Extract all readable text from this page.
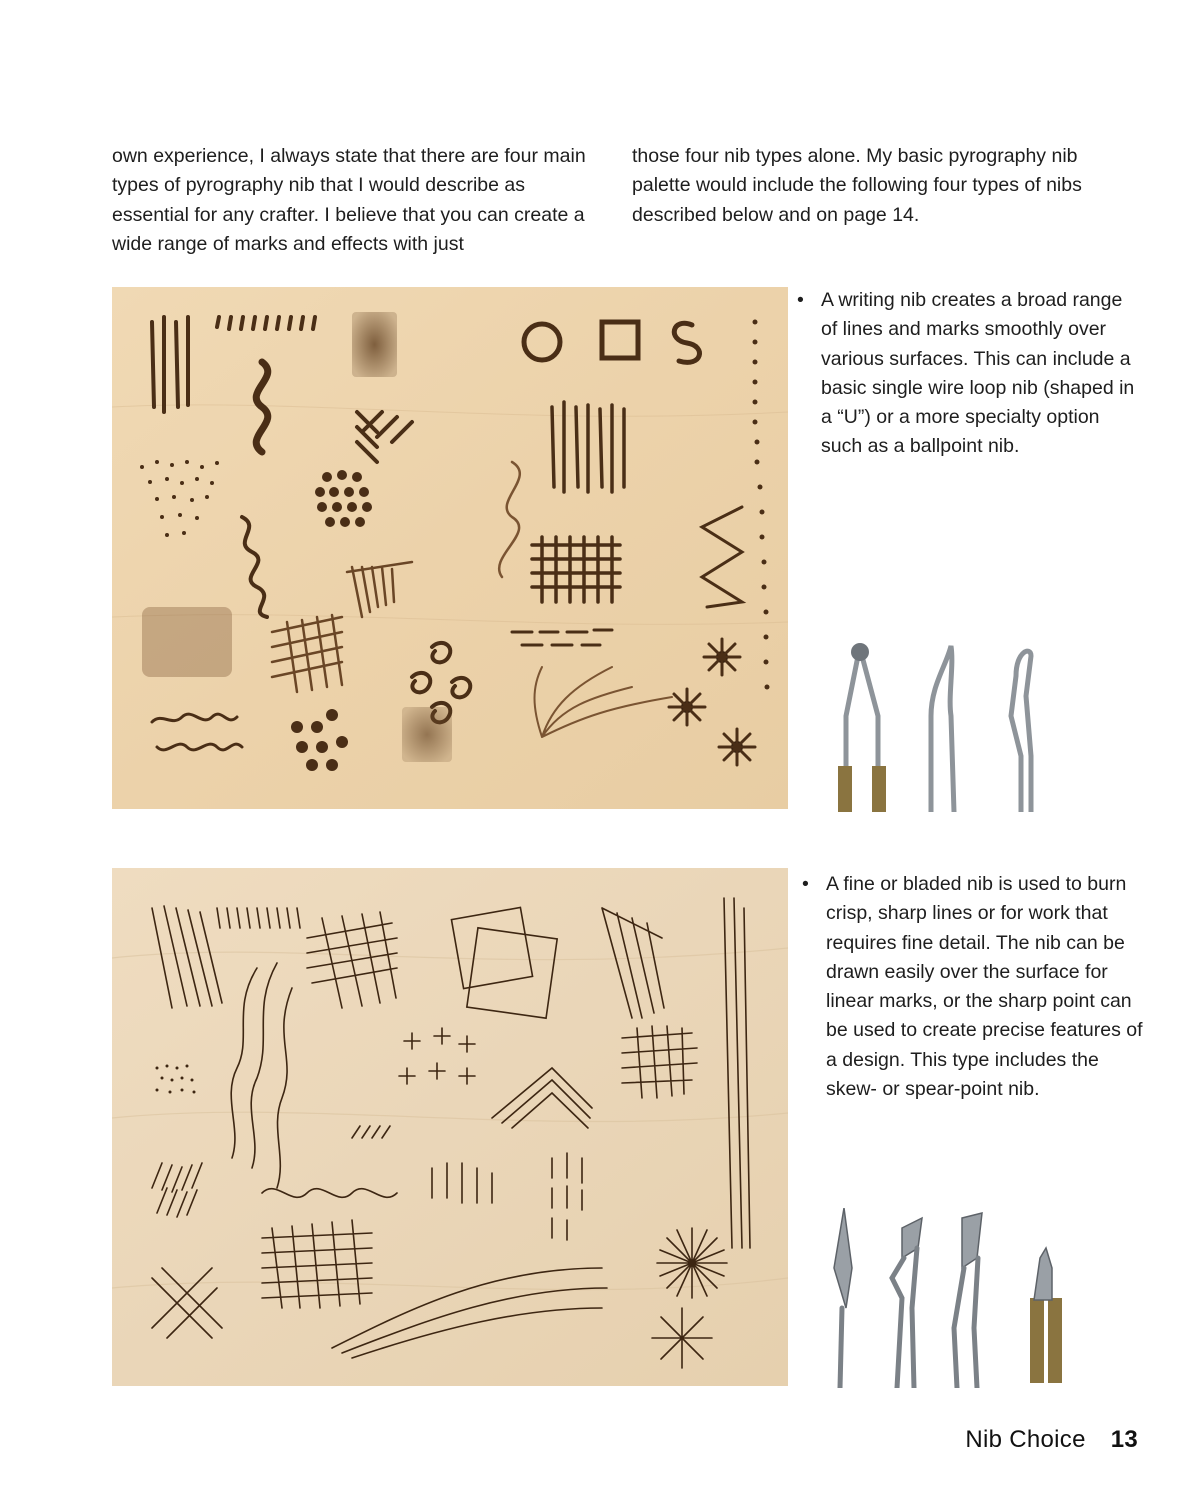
own experience, I always state that there are four main types of pyrography nib that I would describe as essential for any crafter. I believe that you can create a wide range of marks and effects with just

those four nib types alone. My basic pyrography nib palette would include the following four types of nibs described below and on page 14.

• A writing nib creates a broad range of lines and marks smoothly over various surfaces. This can include a basic single wire loop nib (shaped in a “U”) or a more specialty option such as a ballpoint nib.

• A fine or bladed nib is used to burn crisp, sharp lines or for work that requires fine detail. The nib can be drawn easily over the surface for linear marks, or the sharp point can be used to create precise features of a design. This type includes the skew- or spear-point nib.

Nib Choice 13
